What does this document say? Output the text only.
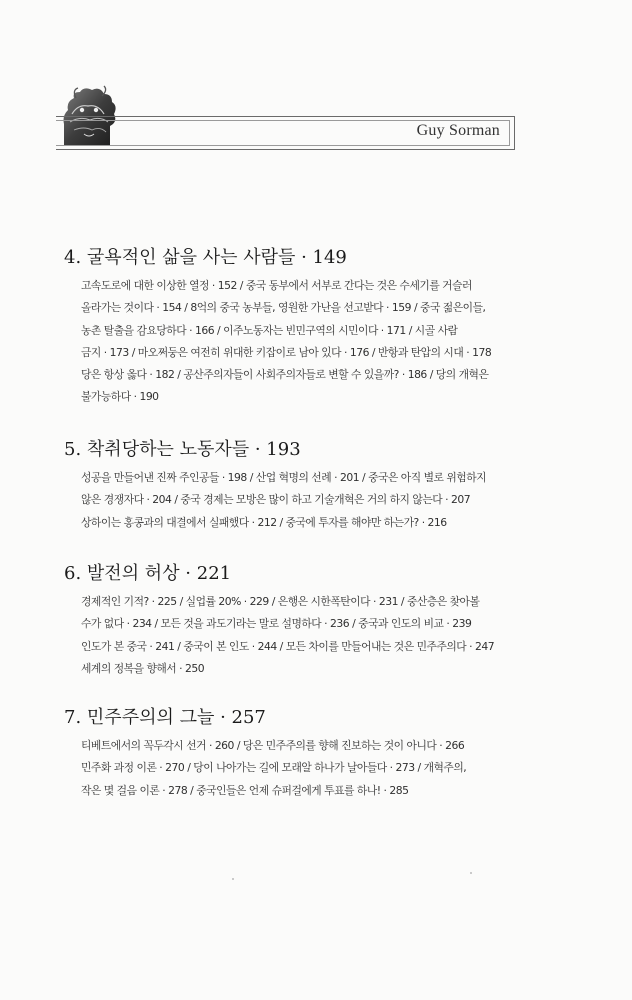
Guy Sorman
4. 굴욕적인 삶을 사는 사람들 · 149
고속도로에 대한 이상한 열정 · 152 / 중국 동부에서 서부로 간다는 것은 수세기를 거슬러
올라가는 것이다 · 154 / 8억의 중국 농부들, 영원한 가난을 선고받다 · 159 / 중국 젊은이들,
농촌 탈출을 감요당하다 · 166 / 이주노동자는 빈민구역의 시민이다 · 171 / 시골 사람
금지 · 173 / 마오쩌둥은 여전히 위대한 키잡이로 남아 있다 · 176 / 반항과 탄압의 시대 · 178
당은 항상 옳다 · 182 / 공산주의자들이 사회주의자들로 변할 수 있을까? · 186 / 당의 개혁은
불가능하다 · 190
5. 착취당하는 노동자들 · 193
성공을 만들어낸 진짜 주인공들 · 198 / 산업 혁명의 선례 · 201 / 중국은 아직 별로 위험하지
않은 경쟁자다 · 204 / 중국 경제는 모방은 많이 하고 기술개혁은 거의 하지 않는다 · 207
상하이는 홍콩과의 대결에서 실패했다 · 212 / 중국에 투자를 해야만 하는가? · 216
6. 발전의 허상 · 221
경제적인 기적? · 225 / 실업률 20% · 229 / 은행은 시한폭탄이다 · 231 / 중산층은 찾아볼
수가 없다 · 234 / 모든 것을 과도기라는 말로 설명하다 · 236 / 중국과 인도의 비교 · 239
인도가 본 중국 · 241 / 중국이 본 인도 · 244 / 모든 차이를 만들어내는 것은 민주주의다 · 247
세계의 정복을 향해서 · 250
7. 민주주의의 그늘 · 257
티베트에서의 꼭두각시 선거 · 260 / 당은 민주주의를 향해 진보하는 것이 아니다 · 266
민주화 과정 이론 · 270 / 당이 나아가는 길에 모래알 하나가 날아들다 · 273 / 개혁주의,
작은 몇 걸음 이론 · 278 / 중국인들은 언제 슈퍼걸에게 투표를 하나! · 285
